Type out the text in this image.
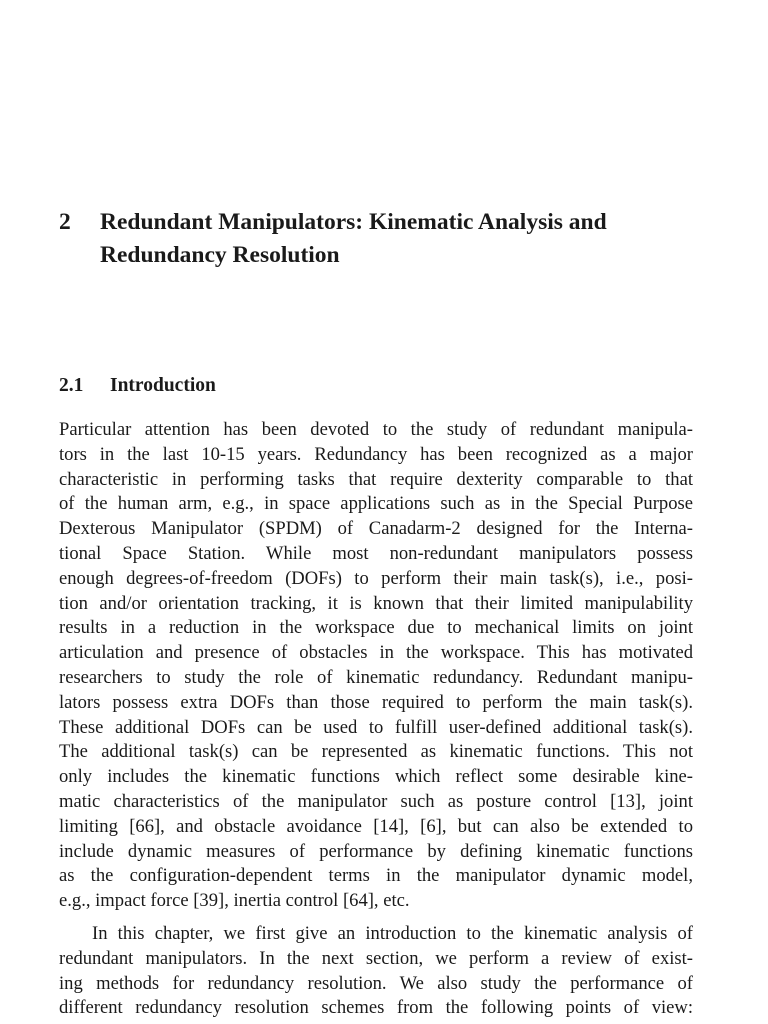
2	Redundant Manipulators: Kinematic Analysis and
Redundancy Resolution
2.1	Introduction
Particular attention has been devoted to the study of redundant manipula-
tors in the last 10-15 years. Redundancy has been recognized as a major
characteristic in performing tasks that require dexterity comparable to that
of the human arm, e.g., in space applications such as in the Special Purpose
Dexterous Manipulator (SPDM) of Canadarm-2 designed for the Interna-
tional Space Station. While most non-redundant manipulators possess
enough degrees-of-freedom (DOFs) to perform their main task(s), i.e., posi-
tion and/or orientation tracking, it is known that their limited manipulability
results in a reduction in the workspace due to mechanical limits on joint
articulation and presence of obstacles in the workspace. This has motivated
researchers to study the role of kinematic redundancy. Redundant manipu-
lators possess extra DOFs than those required to perform the main task(s).
These additional DOFs can be used to fulfill user-defined additional task(s).
The additional task(s) can be represented as kinematic functions. This not
only includes the kinematic functions which reflect some desirable kine-
matic characteristics of the manipulator such as posture control [13], joint
limiting [66], and obstacle avoidance [14], [6], but can also be extended to
include dynamic measures of performance by defining kinematic functions
as the configuration-dependent terms in the manipulator dynamic model,
e.g., impact force [39], inertia control [64], etc.
In this chapter, we first give an introduction to the kinematic analysis of
redundant manipulators. In the next section, we perform a review of exist-
ing methods for redundancy resolution. We also study the performance of
different redundancy resolution schemes from the following points of view:
